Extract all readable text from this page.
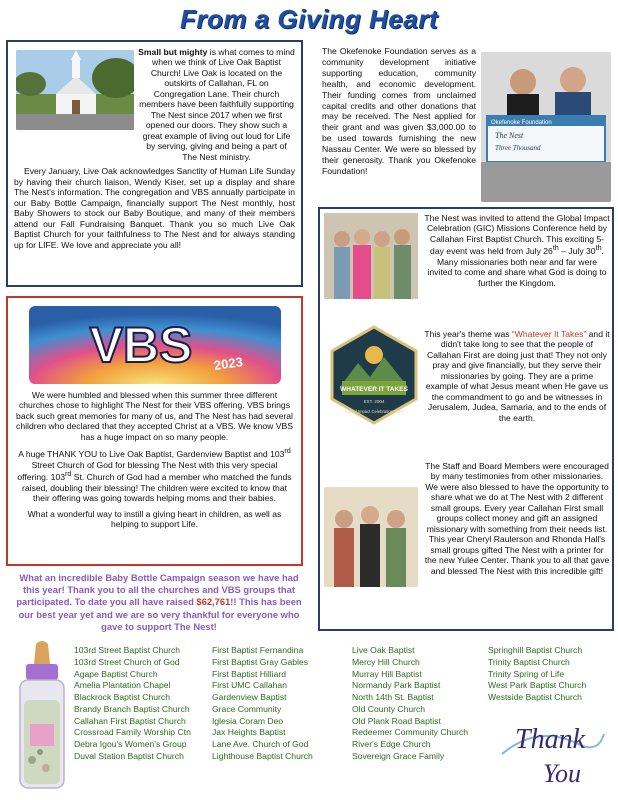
From a Giving Heart

Small but mighty is what comes to mind when we think of Live Oak Baptist Church! Live Oak is located on the outskirts of Callahan, FL on Congregation Lane. Their church members have been faithfully supporting The Nest since 2017 when we first opened our doors. They show such a great example of living out loud for Life by serving, giving and being a part of The Nest ministry.

Every January, Live Oak acknowledges Sanctity of Human Life Sunday by having their church liaison, Wendy Kiser, set up a display and share The Nest's information. The congregation and VBS annually participate in our Baby Bottle Campaign, financially support The Nest monthly, host Baby Showers to stock our Baby Boutique, and many of their members attend our Fall Fundraising Banquet. Thank you so much Live Oak Baptist Church for your faithfulness to The Nest and for always standing up for LIFE. We love and appreciate you all!

The Okefenoke Foundation serves as a community development initiative supporting education, community health, and economic development. Their funding comes from unclaimed capital credits and other donations that may be received. The Nest applied for their grant and was given $3,000.00 to be used towards furnishing the new Nassau Center. We were so blessed by their generosity. Thank you Okefenoke Foundation!

Okefenoke Foundation
The Nest
Three Thousand

The Nest was invited to attend the Global Impact Celebration (GIC) Missions Conference held by Callahan First Baptist Church. This exciting 5-day event was held from July 26th – July 30th. Many missionaries both near and far were invited to come and share what God is doing to further the Kingdom.

WHATEVER IT TAKES
EST. 2004
Global Impact Celebration 2023

This year's theme was “Whatever It Takes” and it didn't take long to see that the people of Callahan First are doing just that! They not only pray and give financially, but they serve their missionaries by going. They are a prime example of what Jesus meant when He gave us the commandment to go and be witnesses in Jerusalem, Judea, Samaria, and to the ends of the earth.

The Staff and Board Members were encouraged by many testimonies from other missionaries. We were also blessed to have the opportunity to share what we do at The Nest with 2 different small groups. Every year Callahan First small groups collect money and gift an assigned missionary with something from their needs list. This year Cheryl Raulerson and Rhonda Hall's small groups gifted The Nest with a printer for the new Yulee Center. Thank you to all that gave and blessed The Nest with this incredible gift!

VBS 2023

We were humbled and blessed when this summer three different churches chose to highlight The Nest for their VBS offering. VBS brings back such great memories for many of us, and The Nest has had several children who declared that they accepted Christ at a VBS. We know VBS has a huge impact on so many people.

A huge THANK YOU to Live Oak Baptist, Gardenview Baptist and 103rd Street Church of God for blessing The Nest with this very special offering. 103rd St. Church of God had a member who matched the funds raised, doubling their blessing! The children were excited to know that their offering was going towards helping moms and their babies.

What a wonderful way to instill a giving heart in children, as well as helping to support Life.

What an incredible Baby Bottle Campaign season we have had this year! Thank you to all the churches and VBS groups that participated. To date you all have raised $62,761!! This has been our best year yet and we are so very thankful for everyone who gave to support The Nest!

103rd Street Baptist Church
103rd Street Church of God
Agape Baptist Church
Amelia Plantation Chapel
Blackrock Baptist Church
Brandy Branch Baptist Church
Callahan First Baptist Church
Crossroad Family Worship Ctn
Debra Igou's Women's Group
Duval Station Baptist Church
First Baptist Fernandina
First Baptist Gray Gables
First Baptist Hilliard
First UMC Callahan
Gardenview Baptist
Grace Community
Iglesia Coram Deo
Jax Heights Baptist
Lane Ave. Church of God
Lighthouse Baptist Church
Live Oak Baptist
Mercy Hill Church
Murray Hill Baptist
Normandy Park Baptist
North 14th St. Baptist
Old County Church
Old Plank Road Baptist
Redeemer Community Church
River's Edge Church
Sovereign Grace Family
Springhill Baptist Church
Trinity Baptist Church
Trinity Spring of Life
West Park Baptist Church
Westside Baptist Church
Thank
You
